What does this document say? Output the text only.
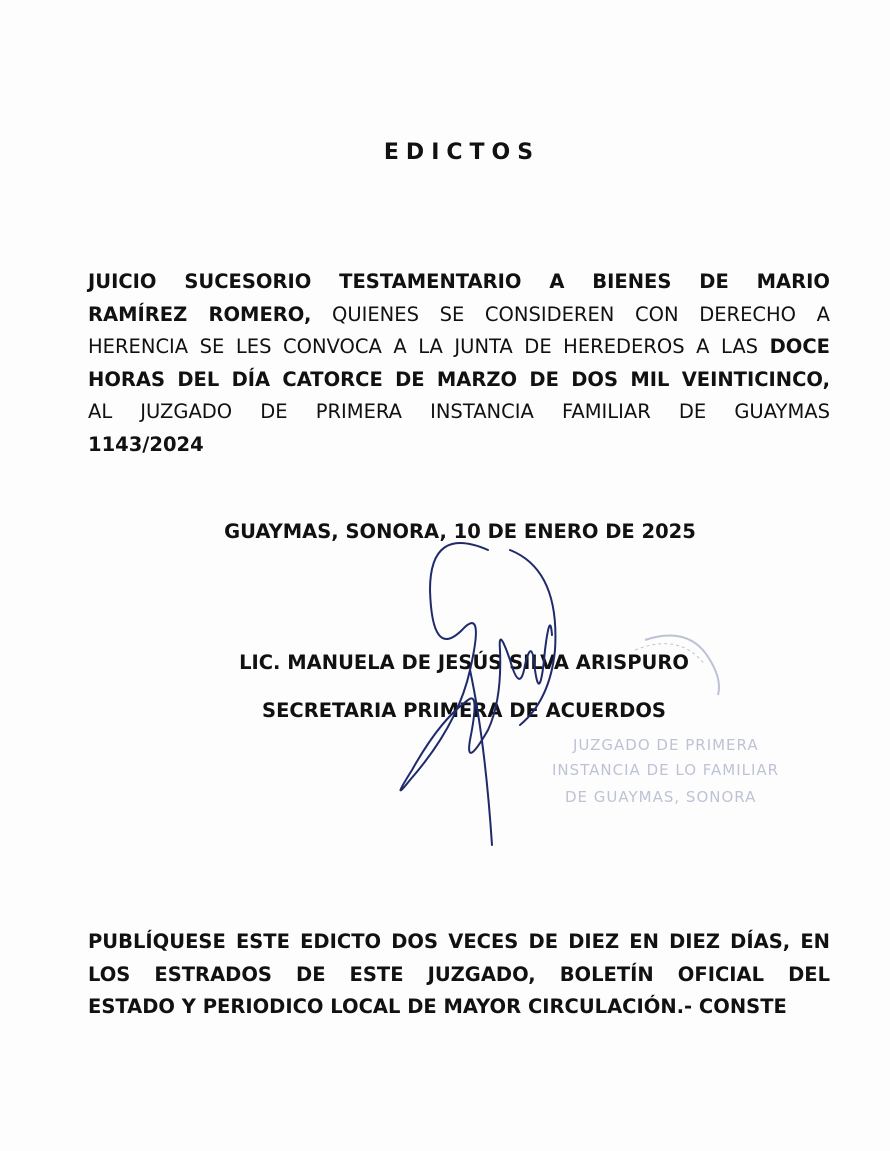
EDICTOS
JUICIO SUCESORIO TESTAMENTARIO A BIENES DE MARIO
RAMÍREZ ROMERO, QUIENES SE CONSIDEREN CON DERECHO A
HERENCIA SE LES CONVOCA A LA JUNTA DE HEREDEROS A LAS DOCE
HORAS DEL DÍA CATORCE DE MARZO DE DOS MIL VEINTICINCO,
AL JUZGADO DE PRIMERA INSTANCIA FAMILIAR DE GUAYMAS
1143/2024
GUAYMAS, SONORA, 10 DE ENERO DE 2025
LIC. MANUELA DE JESÚS SILVA ARISPURO
SECRETARIA PRIMERA DE ACUERDOS
JUZGADO DE PRIMERA
INSTANCIA DE LO FAMILIAR
DE GUAYMAS, SONORA
PUBLÍQUESE ESTE EDICTO DOS VECES DE DIEZ EN DIEZ DÍAS, EN
LOS ESTRADOS DE ESTE JUZGADO, BOLETÍN OFICIAL DEL
ESTADO Y PERIODICO LOCAL DE MAYOR CIRCULACIÓN.- CONSTE
